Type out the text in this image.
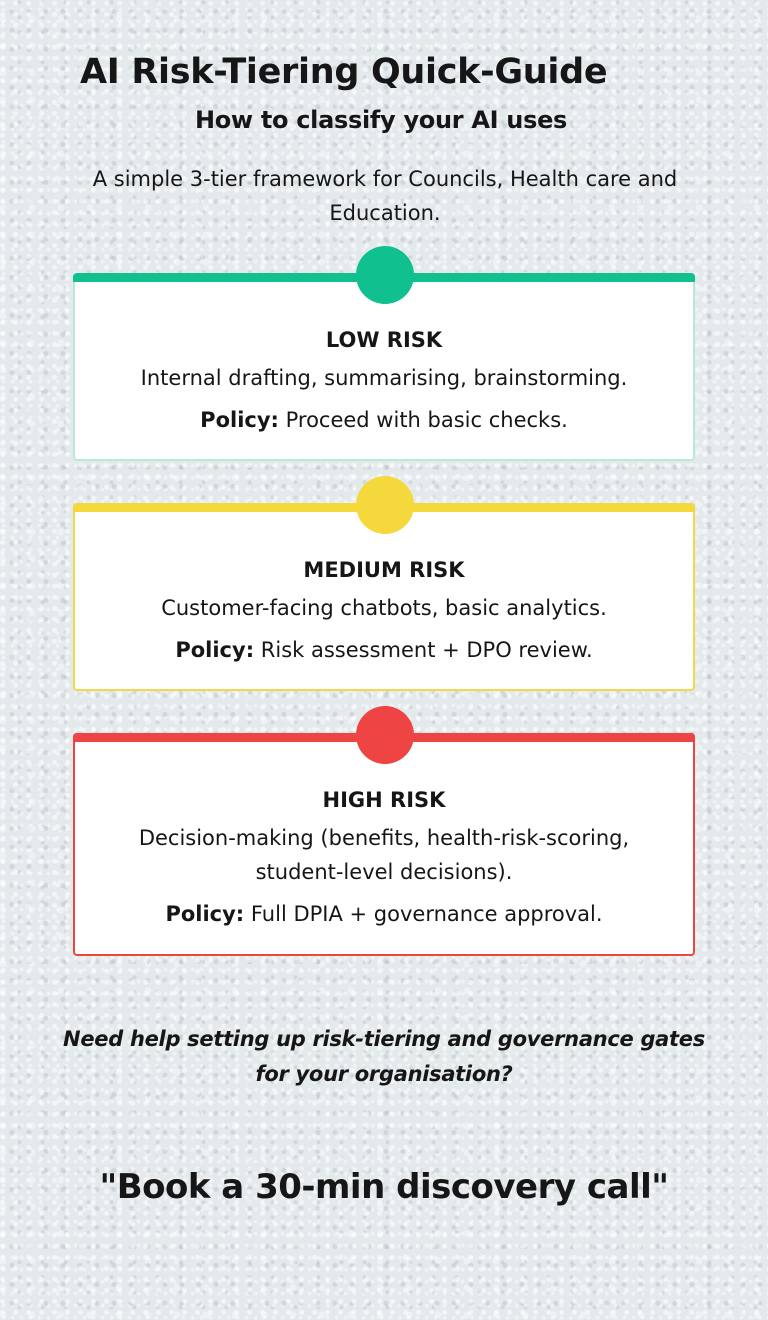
AI Risk-Tiering Quick-Guide
How to classify your AI uses

A simple 3-tier framework for Councils, Health care and Education.

LOW RISK

Internal drafting, summarising, brainstorming.

Policy: Proceed with basic checks.

MEDIUM RISK

Customer-facing chatbots, basic analytics.

Policy: Risk assessment + DPO review.

HIGH RISK

Decision-making (benefits, health-risk-scoring, student-level decisions).

Policy: Full DPIA + governance approval.

Need help setting up risk-tiering and governance gates for your organisation?

"Book a 30-min discovery call"
